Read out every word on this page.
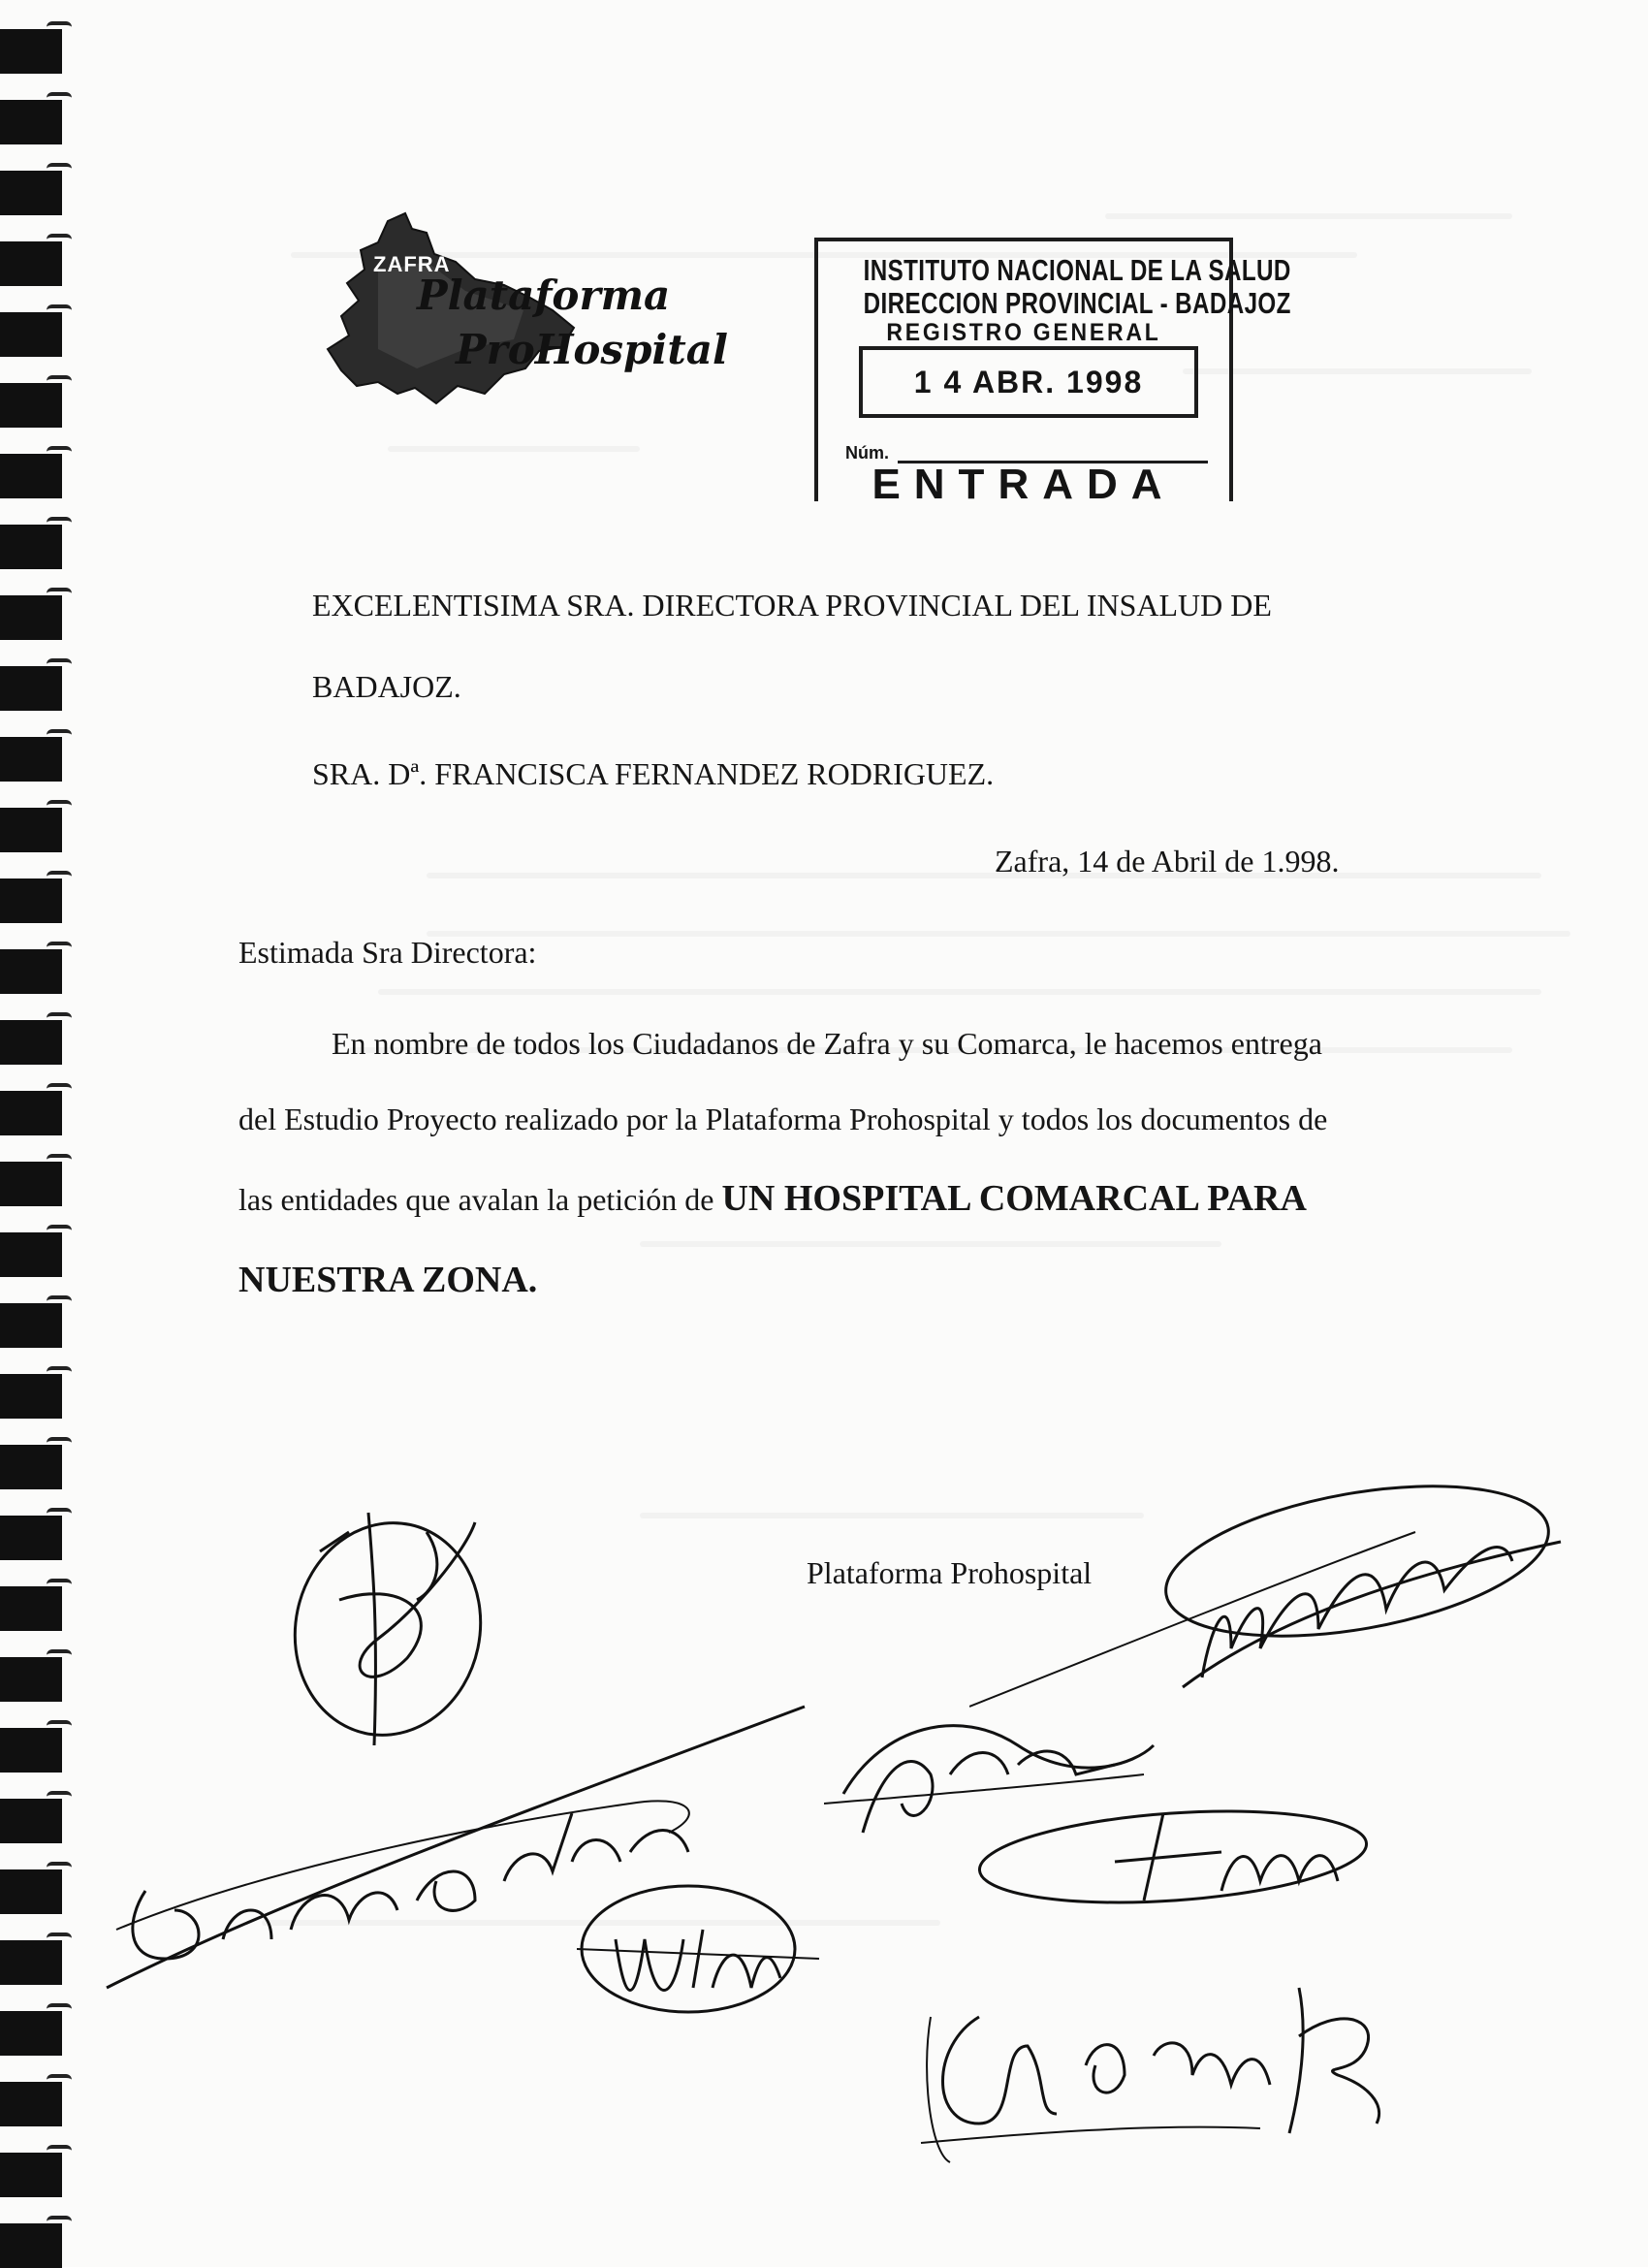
ZAFRA
Plataforma
ProHospital
INSTITUTO NACIONAL DE LA SALUD
DIRECCION PROVINCIAL - BADAJOZ
REGISTRO GENERAL
1 4 ABR. 1998
Núm.
ENTRADA
EXCELENTISIMA SRA. DIRECTORA PROVINCIAL DEL INSALUD DE
BADAJOZ.
SRA. Dª. FRANCISCA FERNANDEZ RODRIGUEZ.
Zafra, 14 de Abril de 1.998.
Estimada Sra Directora:
En nombre de todos los Ciudadanos de Zafra y su Comarca, le hacemos entrega
del Estudio Proyecto realizado por la Plataforma Prohospital y todos los documentos de
las entidades que avalan la petición de UN HOSPITAL COMARCAL PARA
NUESTRA ZONA.
Plataforma Prohospital
